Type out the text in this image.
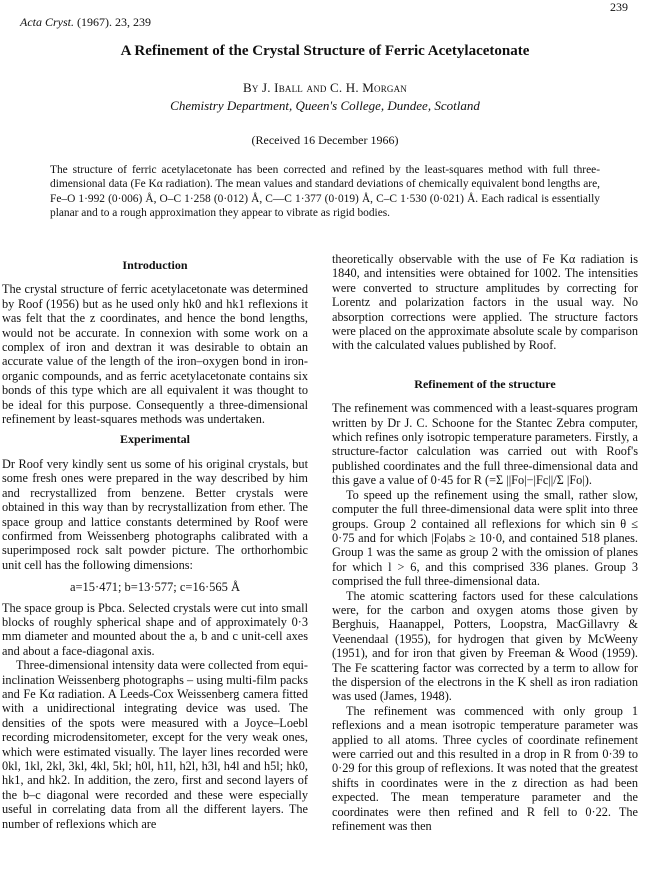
239
Acta Cryst. (1967). 23, 239
A Refinement of the Crystal Structure of Ferric Acetylacetonate
By J. Iball and C. H. Morgan
Chemistry Department, Queen's College, Dundee, Scotland
(Received 16 December 1966)
The structure of ferric acetylacetonate has been corrected and refined by the least-squares method with full three-dimensional data (Fe Kα radiation). The mean values and standard deviations of chemically equivalent bond lengths are, Fe–O 1·992 (0·006) Å, O–C 1·258 (0·012) Å, C—C 1·377 (0·019) Å, C–C 1·530 (0·021) Å. Each radical is essentially planar and to a rough approximation they appear to vibrate as rigid bodies.
Introduction

The crystal structure of ferric acetylacetonate was determined by Roof (1956) but as he used only hk0 and hk1 reflexions it was felt that the z coordinates, and hence the bond lengths, would not be accurate. In connexion with some work on a complex of iron and dextran it was desirable to obtain an accurate value of the length of the iron–oxygen bond in iron-organic compounds, and as ferric acetylacetonate contains six bonds of this type which are all equivalent it was thought to be ideal for this purpose. Consequently a three-dimensional refinement by least-squares methods was undertaken.

Experimental

Dr Roof very kindly sent us some of his original crystals, but some fresh ones were prepared in the way described by him and recrystallized from benzene. Better crystals were obtained in this way than by recrystallization from ether. The space group and lattice constants determined by Roof were confirmed from Weissenberg photographs calibrated with a superimposed rock salt powder picture. The orthorhombic unit cell has the following dimensions:

a=15·471; b=13·577; c=16·565 Å

The space group is Pbca. Selected crystals were cut into small blocks of roughly spherical shape and of approximately 0·3 mm diameter and mounted about the a, b and c unit-cell axes and about a face-diagonal axis.

Three-dimensional intensity data were collected from equi-inclination Weissenberg photographs – using multi-film packs and Fe Kα radiation. A Leeds-Cox Weissenberg camera fitted with a unidirectional integrating device was used. The densities of the spots were measured with a Joyce–Loebl recording microdensitometer, except for the very weak ones, which were estimated visually. The layer lines recorded were 0kl, 1kl, 2kl, 3kl, 4kl, 5kl; h0l, h1l, h2l, h3l, h4l and h5l; hk0, hk1, and hk2. In addition, the zero, first and second layers of the b–c diagonal were recorded and these were especially useful in correlating data from all the different layers. The number of reflexions which are

theoretically observable with the use of Fe Kα radiation is 1840, and intensities were obtained for 1002. The intensities were converted to structure amplitudes by correcting for Lorentz and polarization factors in the usual way. No absorption corrections were applied. The structure factors were placed on the approximate absolute scale by comparison with the calculated values published by Roof.

Refinement of the structure

The refinement was commenced with a least-squares program written by Dr J. C. Schoone for the Stantec Zebra computer, which refines only isotropic temperature parameters. Firstly, a structure-factor calculation was carried out with Roof's published coordinates and the full three-dimensional data and this gave a value of 0·45 for R (=Σ ||Fo|−|Fc||/Σ |Fo|).

To speed up the refinement using the small, rather slow, computer the full three-dimensional data were split into three groups. Group 2 contained all reflexions for which sin θ ≤ 0·75 and for which |Fo|abs ≥ 10·0, and contained 518 planes. Group 1 was the same as group 2 with the omission of planes for which l > 6, and this comprised 336 planes. Group 3 comprised the full three-dimensional data.

The atomic scattering factors used for these calculations were, for the carbon and oxygen atoms those given by Berghuis, Haanappel, Potters, Loopstra, MacGillavry & Veenendaal (1955), for hydrogen that given by McWeeny (1951), and for iron that given by Freeman & Wood (1959). The Fe scattering factor was corrected by a term to allow for the dispersion of the electrons in the K shell as iron radiation was used (James, 1948).

The refinement was commenced with only group 1 reflexions and a mean isotropic temperature parameter was applied to all atoms. Three cycles of coordinate refinement were carried out and this resulted in a drop in R from 0·39 to 0·29 for this group of reflexions. It was noted that the greatest shifts in coordinates were in the z direction as had been expected. The mean temperature parameter and the coordinates were then refined and R fell to 0·22. The refinement was then
